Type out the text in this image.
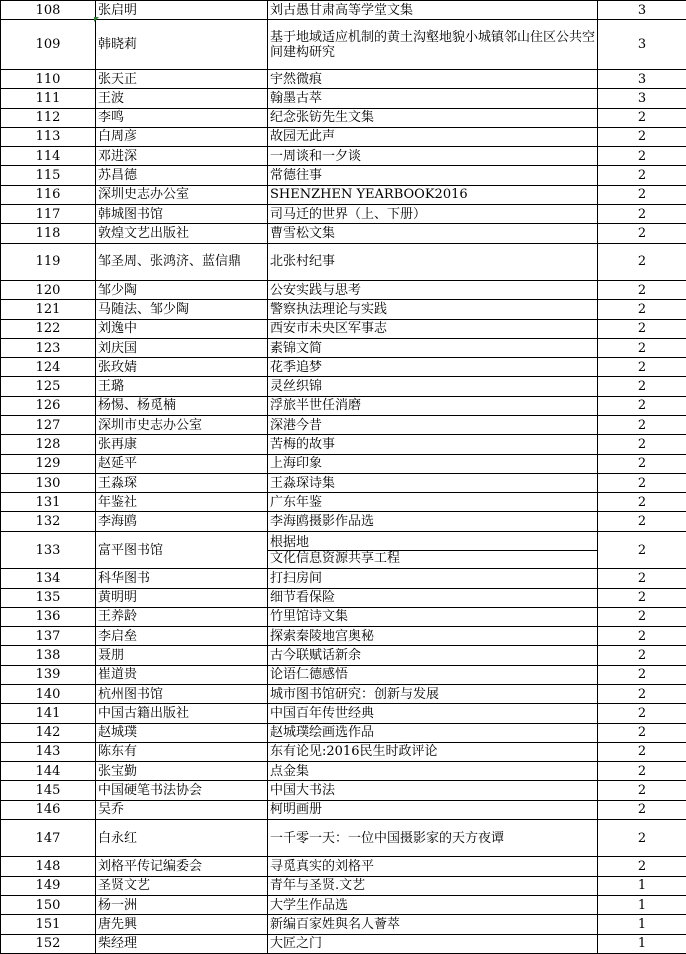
108	张启明	刘古愚甘肃高等学堂文集	3
109	韩晓莉	基于地域适应机制的黄土沟壑地貌小城镇邻山住区公共空间建构研究	3
110	张天正	宇然微痕	3
111	王波	翰墨古萃	3
112	李鸣	纪念张钫先生文集	2
113	白周彦	故园无此声	2
114	邓进深	一周谈和一夕谈	2
115	苏昌德	常德往事	2
116	深圳史志办公室	SHENZHEN YEARBOOK2016	2
117	韩城图书馆	司马迁的世界（上、下册）	2
118	敦煌文艺出版社	曹雪松文集	2
119	邹圣周、张鸿济、蓝信鼎	北张村纪事	2
120	邹少陶	公安实践与思考	2
121	马随法、邹少陶	警察执法理论与实践	2
122	刘逸中	西安市未央区军事志	2
123	刘庆国	素锦文简	2
124	张玫婧	花季追梦	2
125	王璐	灵丝织锦	2
126	杨惕、杨觅楠	浮旅半世任消磨	2
127	深圳市史志办公室	深港今昔	2
128	张再康	苦梅的故事	2
129	赵延平	上海印象	2
130	王淼琛	王淼琛诗集	2
131	年鉴社	广东年鉴	2
132	李海鸥	李海鸥摄影作品选	2
133	富平图书馆	根据地
文化信息资源共享工程	2
134	科华图书	打扫房间	2
135	黄明明	细节看保险	2
136	王养龄	竹里馆诗文集	2
137	李启垒	探索秦陵地宫奥秘	2
138	聂朋	古今联赋话新余	2
139	崔道贵	论语仁德感悟	2
140	杭州图书馆	城市图书馆研究：创新与发展	2
141	中国古籍出版社	中国百年传世经典	2
142	赵城璞	赵城璞绘画选作品	2
143	陈东有	东有论见:2016民生时政评论	2
144	张宝勤	点金集	2
145	中国硬笔书法协会	中国大书法	2
146	吴乔	柯明画册	2
147	白永红	一千零一天：一位中国摄影家的天方夜谭	2
148	刘格平传记编委会	寻觅真实的刘格平	2
149	圣贤文艺	青年与圣贤.文艺	1
150	杨一洲	大学生作品选	1
151	唐先興	新编百家姓與名人薈萃	1
152	柴经理	大匠之门	1
